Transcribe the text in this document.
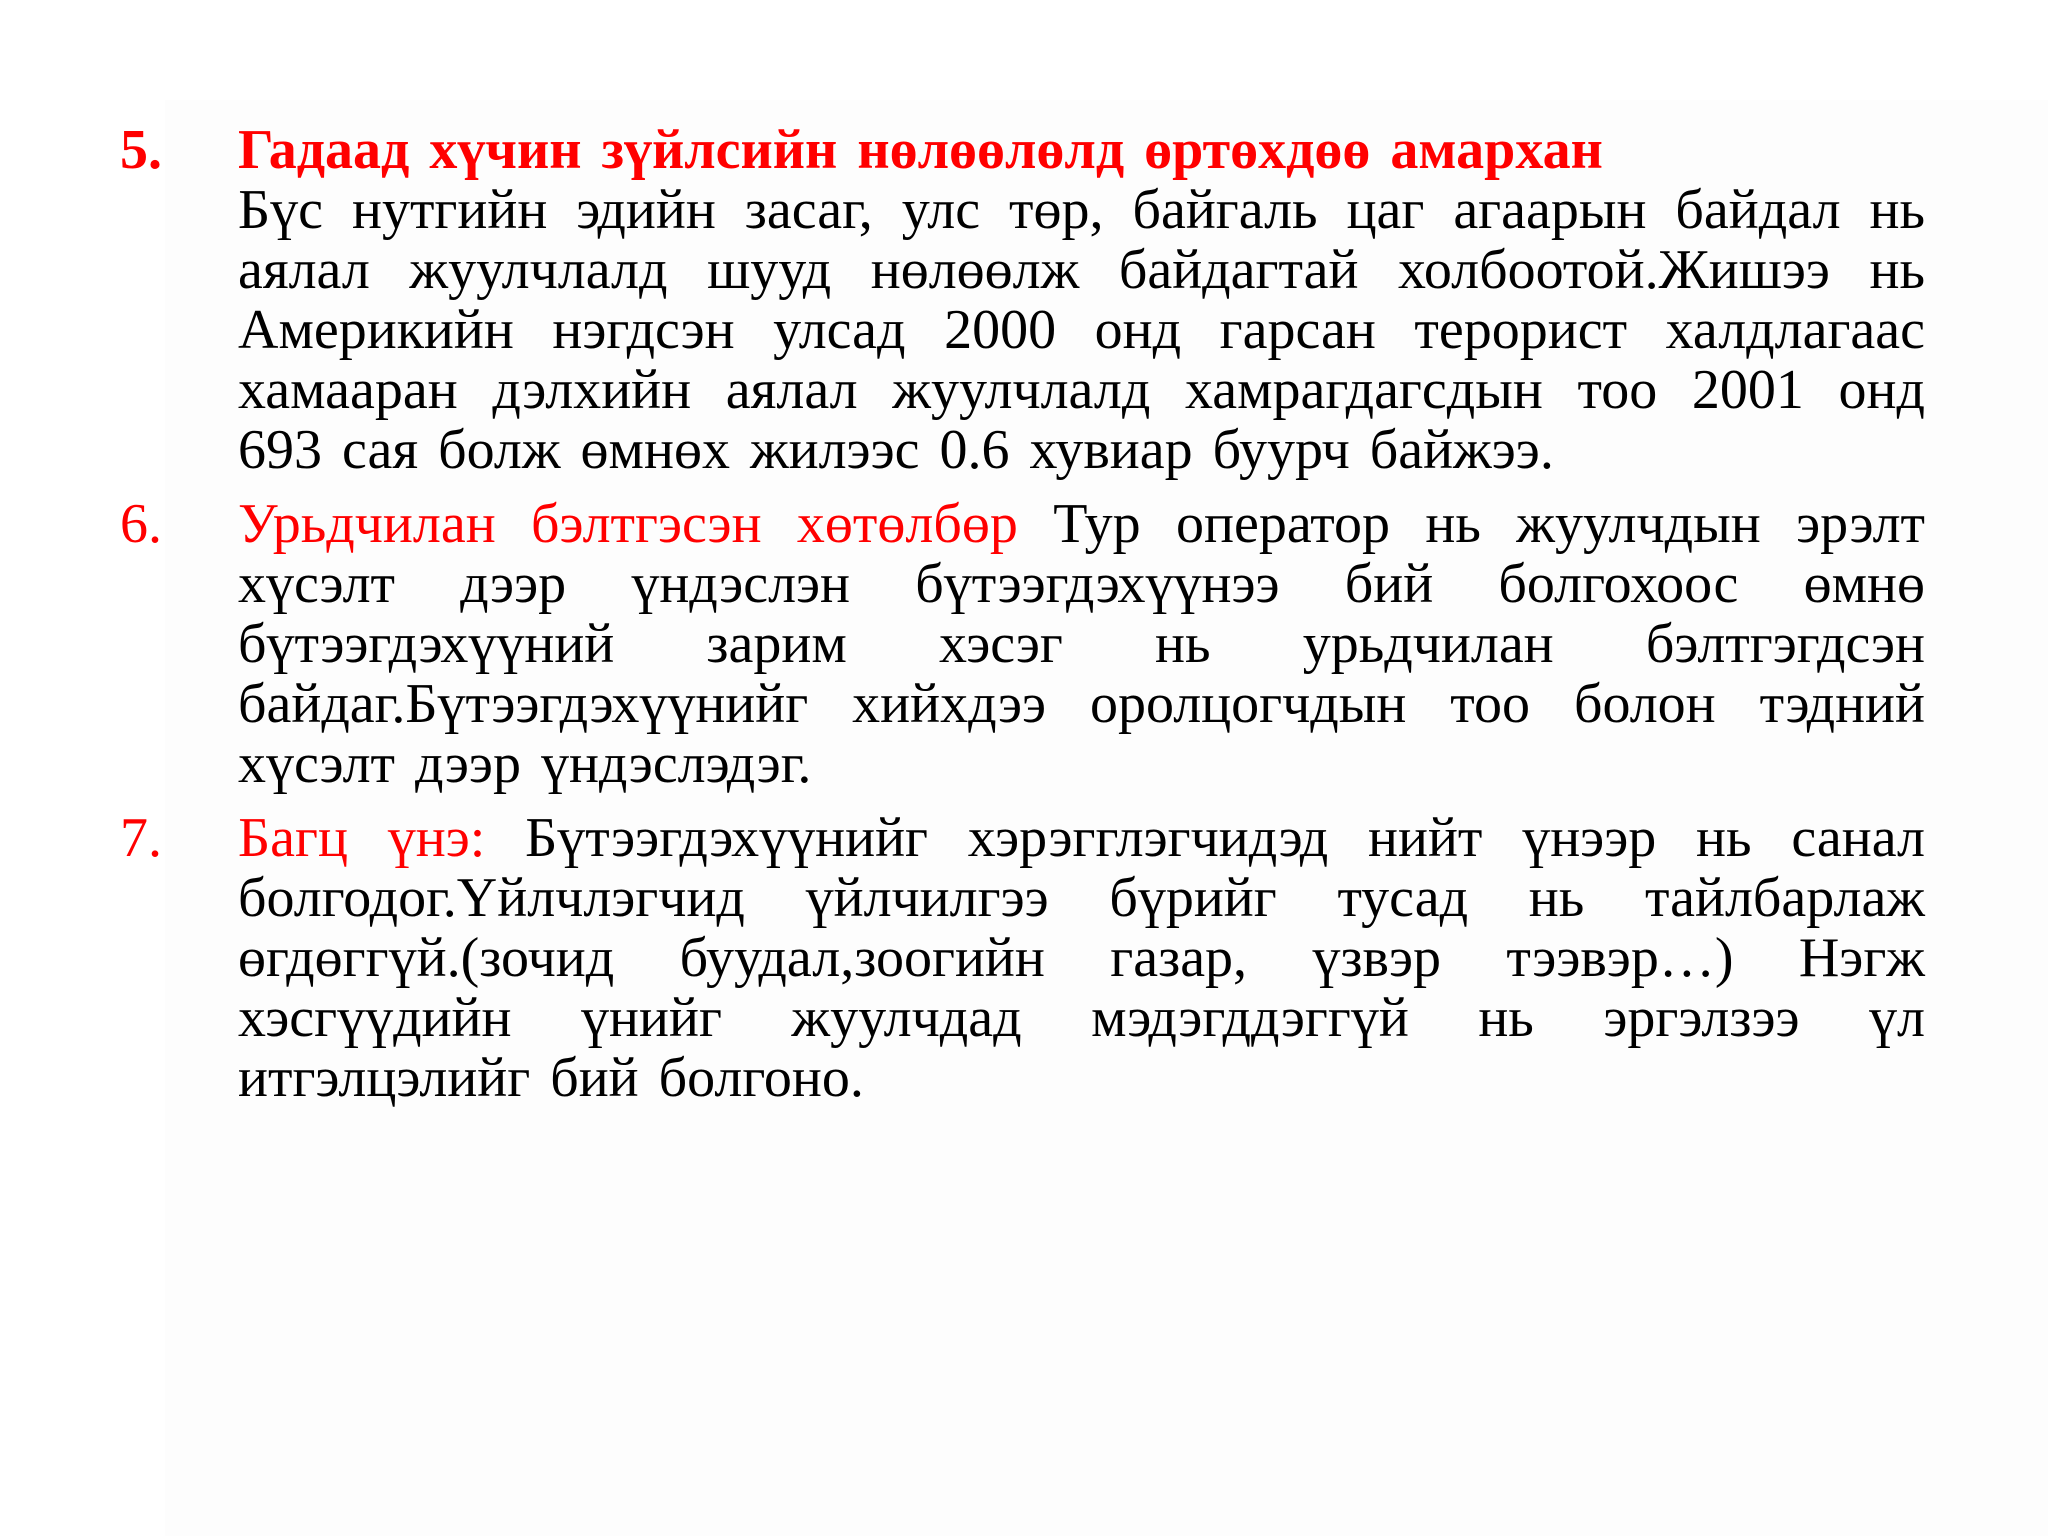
5.	Гадаад хүчин зүйлсийн нөлөөлөлд өртөхдөө амархан
Бүс нутгийн эдийн засаг, улс төр, байгаль цаг агаарын байдал нь аялал жуулчлалд шууд нөлөөлж байдагтай холбоотой.Жишээ нь Америкийн нэгдсэн улсад 2000 онд гарсан терорист халдлагаас хамааран дэлхийн аялал жуулчлалд хамрагдагсдын тоо 2001 онд 693 сая болж өмнөх жилээс 0.6 хувиар буурч байжээ.
6.	Урьдчилан бэлтгэсэн хөтөлбөр Тур оператор нь жуулчдын эрэлт хүсэлт дээр үндэслэн бүтээгдэхүүнээ бий болгохоос өмнө бүтээгдэхүүний зарим хэсэг нь урьдчилан бэлтгэгдсэн байдаг.Бүтээгдэхүүнийг хийхдээ оролцогчдын тоо болон тэдний хүсэлт дээр үндэслэдэг.
7.	Багц үнэ: Бүтээгдэхүүнийг хэрэгглэгчидэд нийт үнээр нь санал болгодог.Үйлчлэгчид үйлчилгээ бүрийг тусад нь тайлбарлаж өгдөггүй.(зочид буудал,зоогийн газар, үзвэр тээвэр…) Нэгж хэсгүүдийн үнийг жуулчдад мэдэгддэггүй нь эргэлзээ үл итгэлцэлийг бий болгоно.
